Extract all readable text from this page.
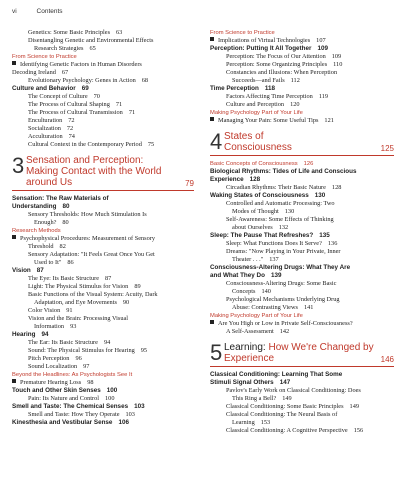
vi	Contents
Genetics: Some Basic Principles 63
Disentangling Genetic and Environmental Effects
Research Strategies 65
From Science to Practice
Identifying Genetic Factors in Human Disorders
Decoding Ireland 67
Evolutionary Psychology: Genes in Action 68
Culture and Behavior 69
The Concept of Culture 70
The Process of Cultural Shaping 71
The Process of Cultural Transmission 71
Enculturation 72
Socialization 72
Acculturation 74
Cultural Context in the Contemporary Period 75
3 Sensation and Perception:
Making Contact with the World
around Us	79
Sensation: The Raw Materials of
Understanding 80
Sensory Thresholds: How Much Stimulation Is
Enough? 80
Research Methods
Psychophysical Procedures: Measurement of Sensory
Threshold 82
Sensory Adaptation: "It Feels Great Once You Get
Used to It" 86
Vision 87
The Eye: Its Basic Structure 87
Light: The Physical Stimulus for Vision 89
Basic Functions of the Visual System: Acuity, Dark
Adaptation, and Eye Movements 90
Color Vision 91
Vision and the Brain: Processing Visual
Information 93
Hearing 94
The Ear: Its Basic Structure 94
Sound: The Physical Stimulus for Hearing 95
Pitch Perception 96
Sound Localization 97
Beyond the Headlines: As Psychologists See It
Premature Hearing Loss 98
Touch and Other Skin Senses 100
Pain: Its Nature and Control 100
Smell and Taste: The Chemical Senses 103
Smell and Taste: How They Operate 103
Kinesthesia and Vestibular Sense 106
From Science to Practice
Implications of Virtual Technologies 107
Perception: Putting It All Together 109
Perception: The Focus of Our Attention 109
Perception: Some Organizing Principles 110
Constancies and Illusions: When Perception
Succeeds—and Fails 112
Time Perception 118
Factors Affecting Time Perception 119
Culture and Perception 120
Making Psychology Part of Your Life
Managing Your Pain: Some Useful Tips 121
4 States of
Consciousness	125
Basic Concepts of Consciousness 126
Biological Rhythms: Tides of Life and Conscious
Experience 128
Circadian Rhythms: Their Basic Nature 128
Waking States of Consciousness 130
Controlled and Automatic Processing: Two
Modes of Thought 130
Self-Awareness: Some Effects of Thinking
about Ourselves 132
Sleep: The Pause That Refreshes? 135
Sleep: What Functions Does It Serve? 136
Dreams: "Now Playing in Your Private, Inner
Theater . . ." 137
Consciousness-Altering Drugs: What They Are
and What They Do 139
Consciousness-Altering Drugs: Some Basic
Concepts 140
Psychological Mechanisms Underlying Drug
Abuse: Contrasting Views 141
Making Psychology Part of Your Life
Are You High or Low in Private Self-Consciousness?
A Self-Assessment 142
5 Learning: How We're Changed by
Experience	146
Classical Conditioning: Learning That Some
Stimuli Signal Others 147
Pavlov's Early Work on Classical Conditioning: Does
This Ring a Bell? 149
Classical Conditioning: Some Basic Principles 149
Classical Conditioning: The Neural Basis of
Learning 153
Classical Conditioning: A Cognitive Perspective 156
